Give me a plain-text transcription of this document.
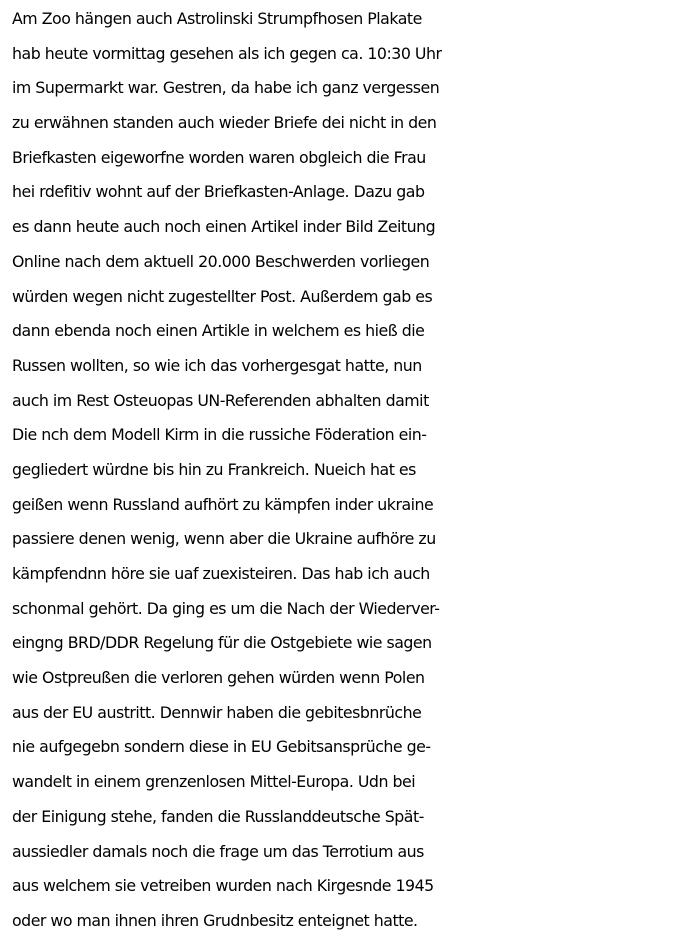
Am Zoo hängen auch Astrolinski Strumpfhosen Plakate
hab heute vormittag gesehen als ich gegen ca. 10:30 Uhr
im Supermarkt war. Gestren, da habe ich ganz vergessen
zu erwähnen standen auch wieder Briefe dei nicht in den
Briefkasten eigeworfne worden waren obgleich die Frau
hei rdefitiv wohnt auf der Briefkasten-Anlage. Dazu gab
es dann heute auch noch einen Artikel inder Bild Zeitung
Online nach dem aktuell 20.000 Beschwerden vorliegen
würden wegen nicht zugestellter Post. Außerdem gab es
dann ebenda noch einen Artikle in welchem es hieß die
Russen wollten, so wie ich das vorhergesgat hatte, nun
auch im Rest Osteuopas UN-Referenden abhalten damit
Die nch dem Modell Kirm in die russiche Föderation ein-
gegliedert würdne bis hin zu Frankreich. Nueich hat es
geißen wenn Russland aufhört zu kämpfen inder ukraine
passiere denen wenig, wenn aber die Ukraine aufhöre zu
kämpfendnn höre sie uaf zuexisteiren. Das hab ich auch
schonmal gehört. Da ging es um die Nach der Wiederver-
eingng BRD/DDR Regelung für die Ostgebiete wie sagen
wie Ostpreußen die verloren gehen würden wenn Polen
aus der EU austritt. Dennwir haben die gebitesbnrüche
nie aufgegebn sondern diese in EU Gebitsansprüche ge-
wandelt in einem grenzenlosen Mittel-Europa. Udn bei
der Einigung stehe, fanden die Russlanddeutsche Spät-
aussiedler damals noch die frage um das Terrotium aus
aus welchem sie vetreiben wurden nach Kirgesnde 1945
oder wo man ihnen ihren Grudnbesitz enteignet hatte.
